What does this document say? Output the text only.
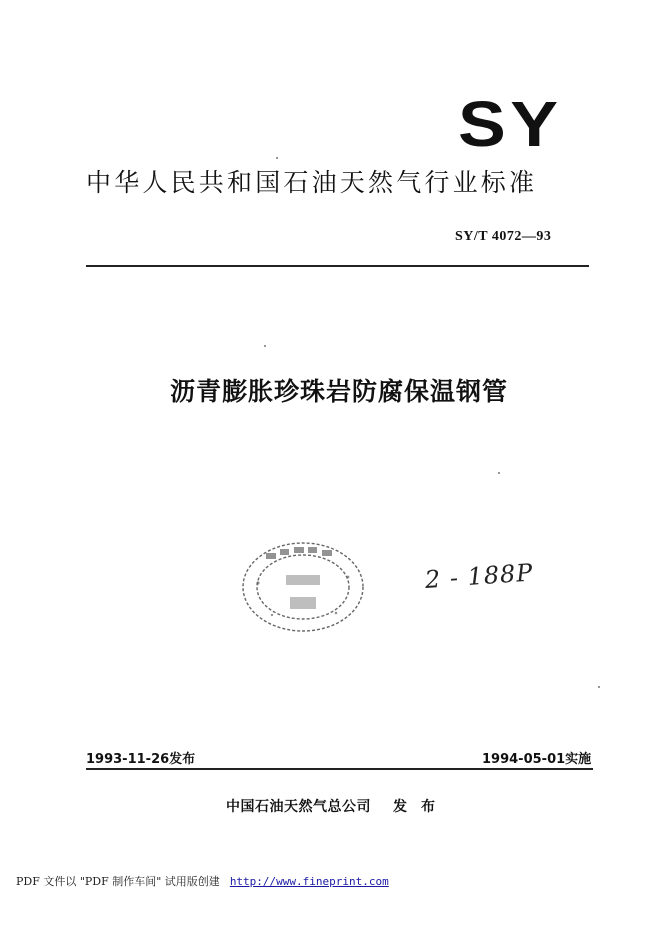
SY
中华人民共和国石油天然气行业标准
SY/T 4072—93
沥青膨胀珍珠岩防腐保温钢管
2 - 188P
1993-11-26发布	1994-05-01实施
中国石油天然气总公司 发布
PDF 文件以 "PDF 制作车间" 试用版创建 http://www.fineprint.com
